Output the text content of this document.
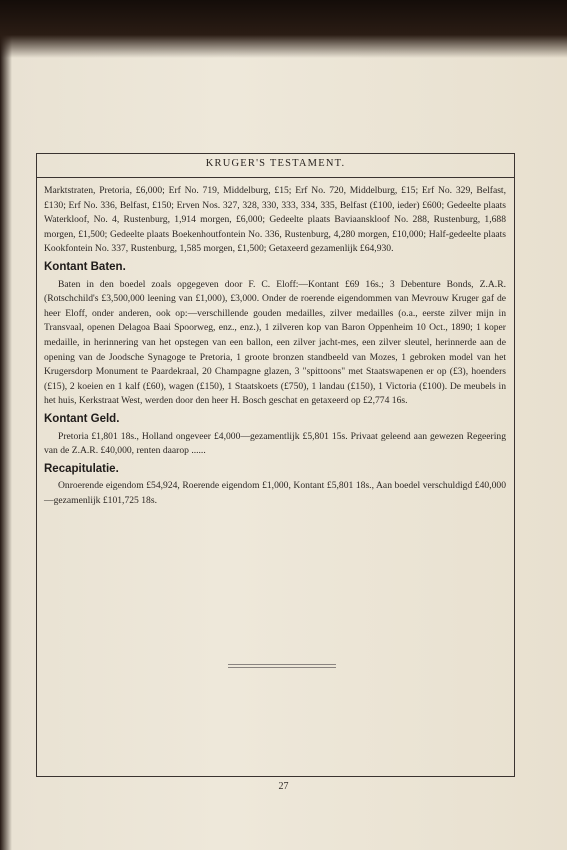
KRUGER'S TESTAMENT.

Marktstraten, Pretoria, £6,000; Erf No. 719, Middelburg, £15; Erf No. 720, Middelburg, £15; Erf No. 329, Belfast, £130; Erf No. 336, Belfast, £150; Erven Nos. 327, 328, 330, 333, 334, 335, Belfast (£100, ieder) £600; Gedeelte plaats Waterkloof, No. 4, Rustenburg, 1,914 morgen, £6,000; Gedeelte plaats Baviaanskloof No. 288, Rustenburg, 1,688 morgen, £1,500; Gedeelte plaats Boekenhoutfontein No. 336, Rustenburg, 4,280 morgen, £10,000; Half-gedeelte plaats Kookfontein No. 337, Rustenburg, 1,585 morgen, £1,500; Getaxeerd gezamenlijk £64,930.

Kontant Baten.

Baten in den boedel zoals opgegeven door F. C. Eloff:—Kontant £69 16s.; 3 Debenture Bonds, Z.A.R. (Rotschchild's £3,500,000 leening van £1,000), £3,000. Onder de roerende eigendommen van Mevrouw Kruger gaf de heer Eloff, onder anderen, ook op:—verschillende gouden medailles, zilver medailles (o.a., eerste zilver mijn in Transvaal, openen Delagoa Baai Spoorweg, enz., enz.), 1 zilveren kop van Baron Oppenheim 10 Oct., 1890; 1 koper medaille, in herinnering van het opstegen van een ballon, een zilver jacht-mes, een zilver sleutel, herinnerde aan de opening van de Joodsche Synagoge te Pretoria, 1 groote bronzen standbeeld van Mozes, 1 gebroken model van het Krugersdorp Monument te Paardekraal, 20 Champagne glazen, 3 "spittoons" met Staatswapenen er op (£3), hoenders (£15), 2 koeien en 1 kalf (£60), wagen (£150), 1 Staatskoets (£750), 1 landau (£150), 1 Victoria (£100). De meubels in het huis, Kerkstraat West, werden door den heer H. Bosch geschat en getaxeerd op £2,774 16s.

Kontant Geld.

Pretoria £1,801 18s., Holland ongeveer £4,000—gezamentlijk £5,801 15s. Privaat geleend aan gewezen Regeering van de Z.A.R. £40,000, renten daarop ......

Recapitulatie.

Onroerende eigendom £54,924, Roerende eigendom £1,000, Kontant £5,801 18s., Aan boedel verschuldigd £40,000—gezamenlijk £101,725 18s.

27
